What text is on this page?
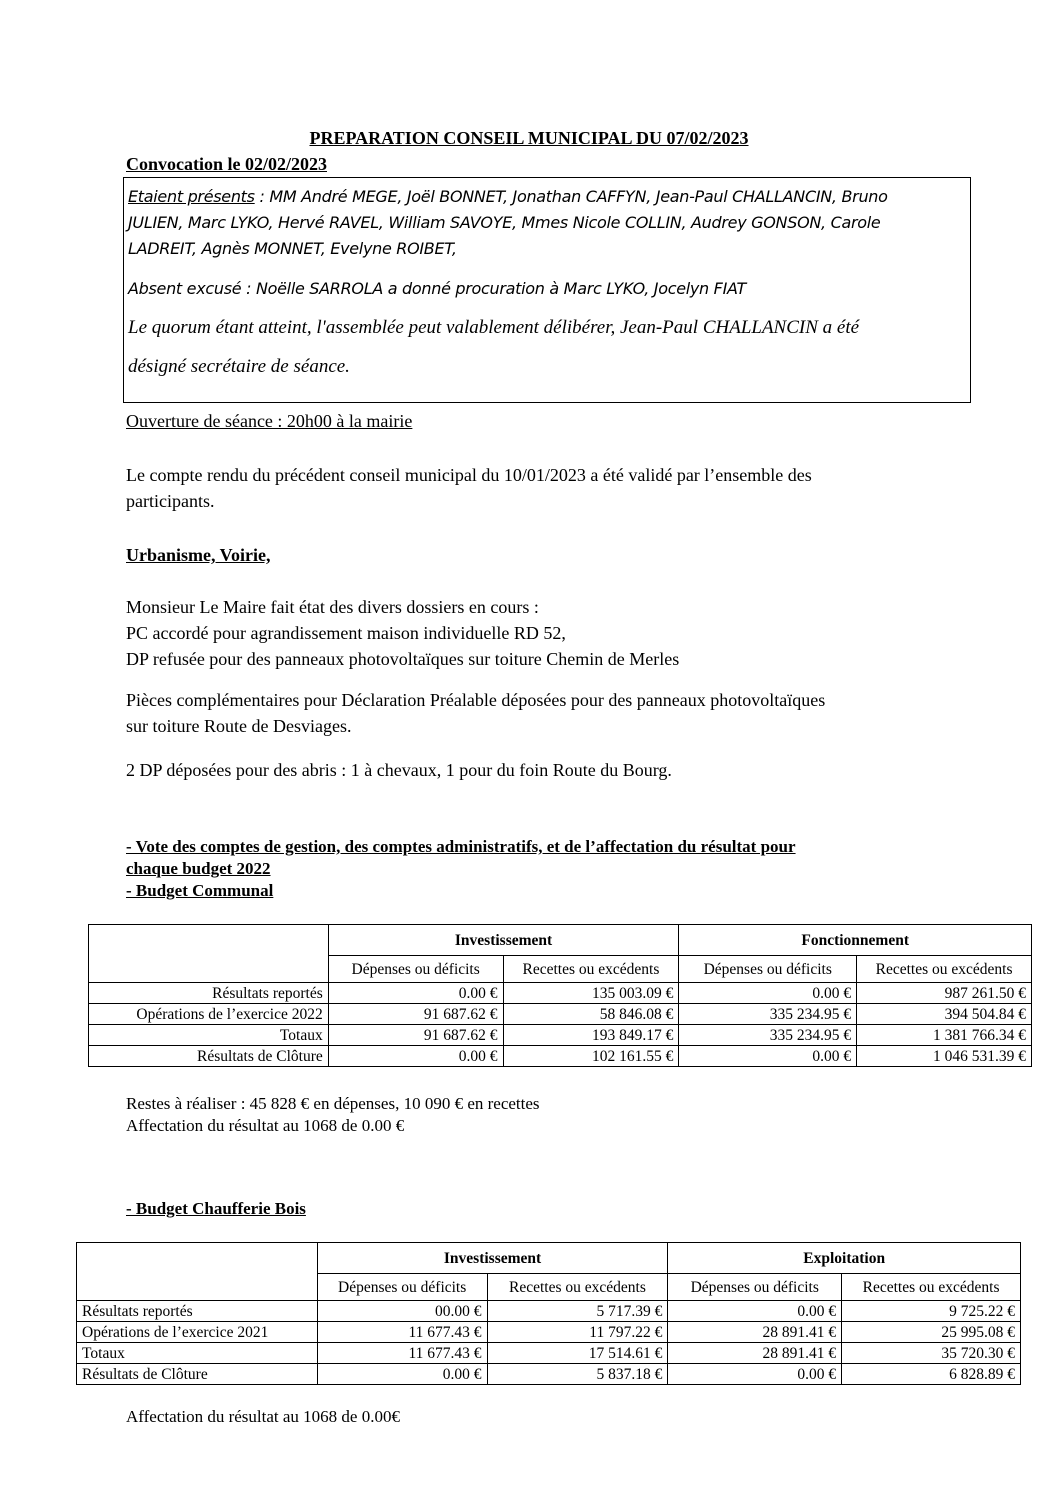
PREPARATION CONSEIL MUNICIPAL DU 07/02/2023
Convocation le 02/02/2023

Etaient présents : MM André MEGE, Joël BONNET, Jonathan CAFFYN, Jean-Paul CHALLANCIN, Bruno

JULIEN, Marc LYKO, Hervé RAVEL, William SAVOYE, Mmes Nicole COLLIN, Audrey GONSON, Carole

LADREIT, Agnès MONNET, Evelyne ROIBET,

Absent excusé : Noëlle SARROLA a donné procuration à Marc LYKO, Jocelyn FIAT

Le quorum étant atteint, l'assemblée peut valablement délibérer, Jean-Paul CHALLANCIN a été

désigné secrétaire de séance.

Ouverture de séance : 20h00 à la mairie
Le compte rendu du précédent conseil municipal du 10/01/2023 a été validé par l’ensemble des
participants.
Urbanisme, Voirie,
Monsieur Le Maire fait état des divers dossiers en cours :
PC accordé pour agrandissement maison individuelle RD 52,
DP refusée pour des panneaux photovoltaïques sur toiture Chemin de Merles
Pièces complémentaires pour Déclaration Préalable déposées pour des panneaux photovoltaïques
sur toiture Route de Desviages.
2 DP déposées pour des abris : 1 à chevaux, 1 pour du foin Route du Bourg.
- Vote des comptes de gestion, des comptes administratifs, et de l’affectation du résultat pour
chaque budget 2022
- Budget Communal
	Investissement		Fonctionnement	
	Dépenses ou déficits	Recettes ou excédents	Dépenses ou déficits	Recettes ou excédents
Résultats reportés	0.00 €	135 003.09 €	0.00 €	987 261.50 €
Opérations de l’exercice 2022	91 687.62 €	58 846.08 €	335 234.95 €	394 504.84 €
Totaux	91 687.62 €	193 849.17 €	335 234.95 €	1 381 766.34 €
Résultats de Clôture	0.00 €	102 161.55 €	0.00 €	1 046 531.39 €
Restes à réaliser : 45 828 € en dépenses, 10 090 € en recettes
Affectation du résultat au 1068 de 0.00 €
- Budget Chaufferie Bois
	Investissement		Exploitation	
	Dépenses ou déficits	Recettes ou excédents	Dépenses ou déficits	Recettes ou excédents
Résultats reportés	00.00 €	5 717.39 €	0.00 €	9 725.22 €
Opérations de l’exercice 2021	11 677.43 €	11 797.22 €	28 891.41 €	25 995.08 €
Totaux	11 677.43 €	17 514.61 €	28 891.41 €	35 720.30 €
Résultats de Clôture	0.00 €	5 837.18 €	0.00 €	6 828.89 €
Affectation du résultat au 1068 de 0.00€
